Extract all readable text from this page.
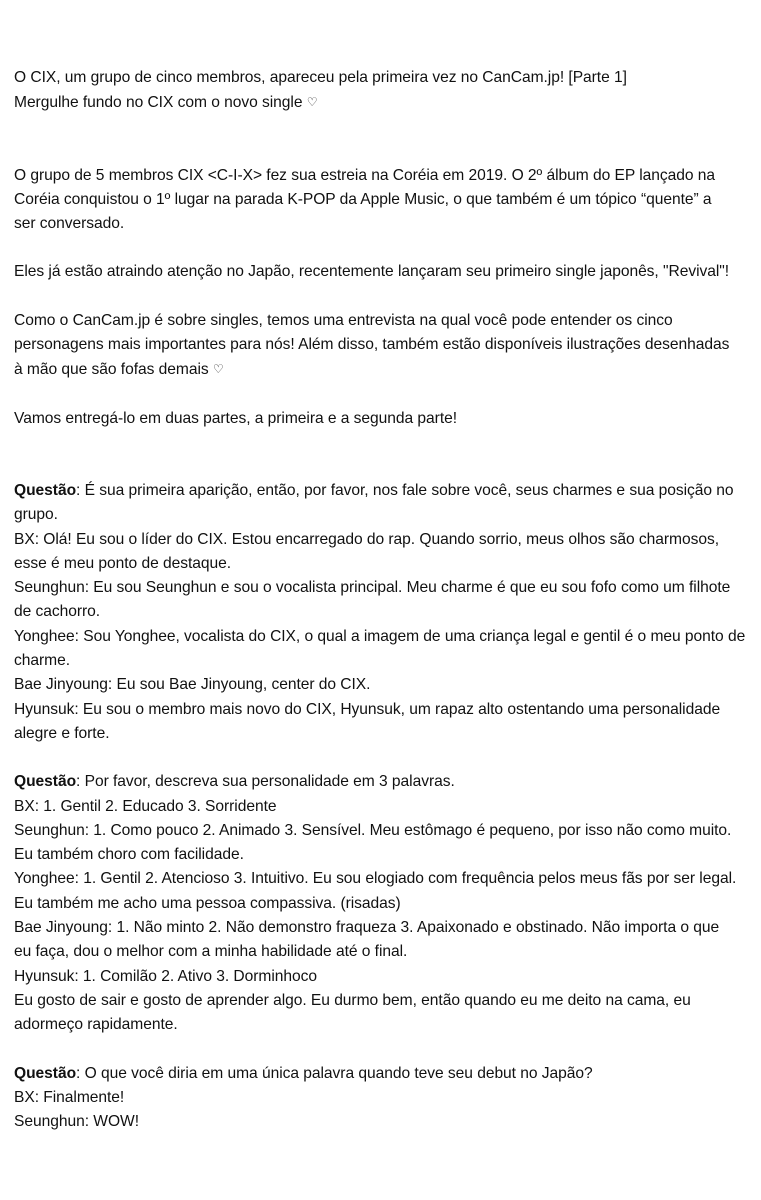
O CIX, um grupo de cinco membros, apareceu pela primeira vez no CanCam.jp! [Parte 1]
Mergulhe fundo no CIX com o novo single ♡
O grupo de 5 membros CIX <C-I-X> fez sua estreia na Coréia em 2019. O 2º álbum do EP lançado na
Coréia conquistou o 1º lugar na parada K-POP da Apple Music, o que também é um tópico “quente” a
ser conversado.
Eles já estão atraindo atenção no Japão, recentemente lançaram seu primeiro single japonês, "Revival"!
Como o CanCam.jp é sobre singles, temos uma entrevista na qual você pode entender os cinco
personagens mais importantes para nós! Além disso, também estão disponíveis ilustrações desenhadas
à mão que são fofas demais ♡
Vamos entregá-lo em duas partes, a primeira e a segunda parte!
Questão: É sua primeira aparição, então, por favor, nos fale sobre você, seus charmes e sua posição no
grupo.
BX: Olá! Eu sou o líder do CIX. Estou encarregado do rap. Quando sorrio, meus olhos são charmosos,
esse é meu ponto de destaque.
Seunghun: Eu sou Seunghun e sou o vocalista principal. Meu charme é que eu sou fofo como um filhote
de cachorro.
Yonghee: Sou Yonghee, vocalista do CIX, o qual a imagem de uma criança legal e gentil é o meu ponto de
charme.
Bae Jinyoung: Eu sou Bae Jinyoung, center do CIX.
Hyunsuk: Eu sou o membro mais novo do CIX, Hyunsuk, um rapaz alto ostentando uma personalidade
alegre e forte.
Questão: Por favor, descreva sua personalidade em 3 palavras.
BX: 1. Gentil 2. Educado 3. Sorridente
Seunghun: 1. Como pouco 2. Animado 3. Sensível. Meu estômago é pequeno, por isso não como muito.
Eu também choro com facilidade.
Yonghee: 1. Gentil 2. Atencioso 3. Intuitivo. Eu sou elogiado com frequência pelos meus fãs por ser legal.
Eu também me acho uma pessoa compassiva. (risadas)
Bae Jinyoung: 1. Não minto 2. Não demonstro fraqueza 3. Apaixonado e obstinado. Não importa o que
eu faça, dou o melhor com a minha habilidade até o final.
Hyunsuk: 1. Comilão 2. Ativo 3. Dorminhoco
Eu gosto de sair e gosto de aprender algo. Eu durmo bem, então quando eu me deito na cama, eu
adormeço rapidamente.
Questão: O que você diria em uma única palavra quando teve seu debut no Japão?
BX: Finalmente!
Seunghun: WOW!
